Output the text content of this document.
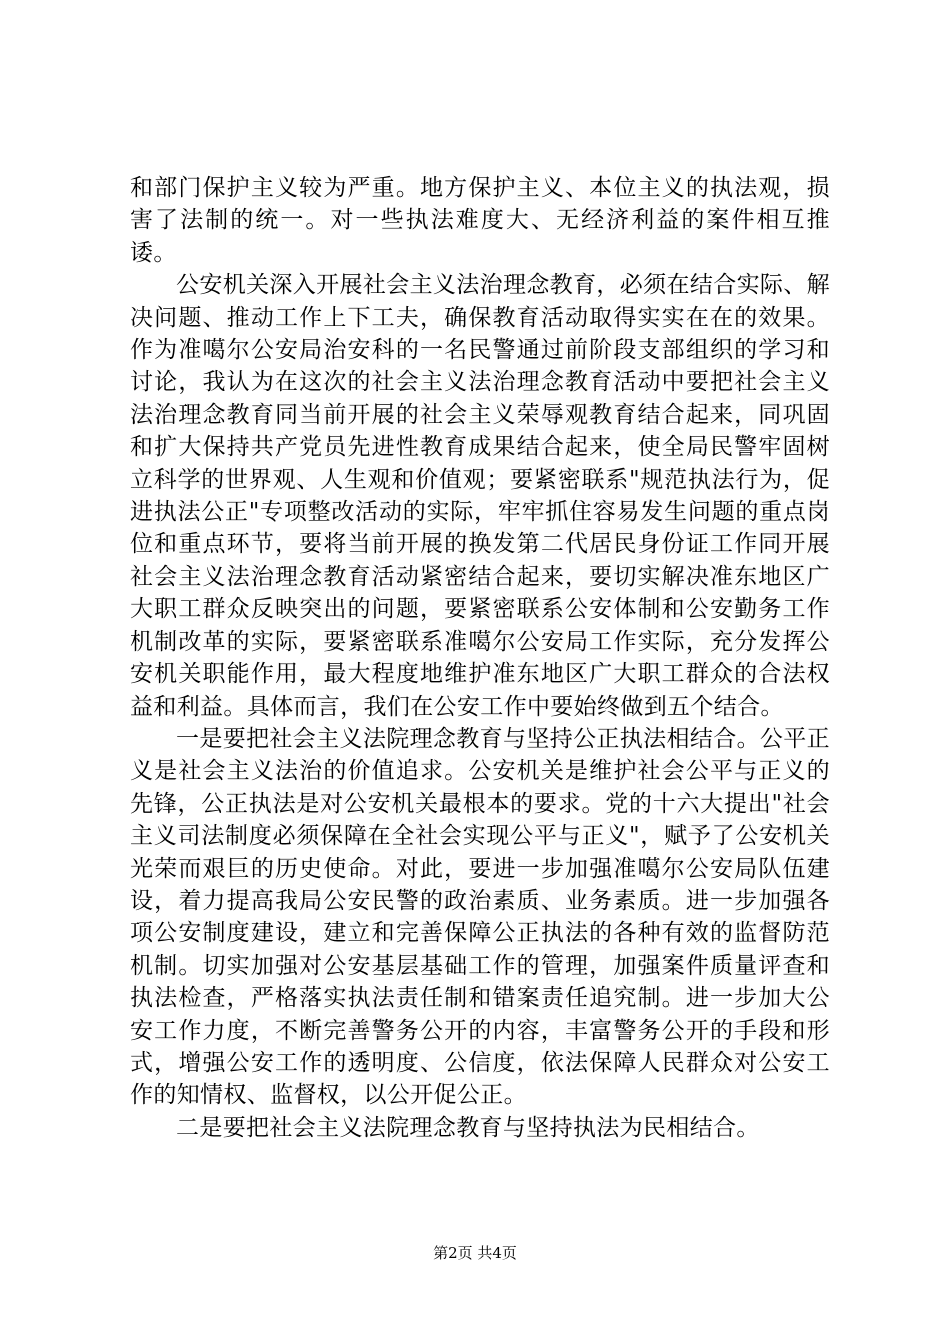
和部门保护主义较为严重。地方保护主义、本位主义的执法观，损害了法制的统一。对一些执法难度大、无经济利益的案件相互推诿。

公安机关深入开展社会主义法治理念教育，必须在结合实际、解决问题、推动工作上下工夫，确保教育活动取得实实在在的效果。作为准噶尔公安局治安科的一名民警通过前阶段支部组织的学习和讨论，我认为在这次的社会主义法治理念教育活动中要把社会主义法治理念教育同当前开展的社会主义荣辱观教育结合起来，同巩固和扩大保持共产党员先进性教育成果结合起来，使全局民警牢固树立科学的世界观、人生观和价值观；要紧密联系"规范执法行为，促进执法公正"专项整改活动的实际，牢牢抓住容易发生问题的重点岗位和重点环节，要将当前开展的换发第二代居民身份证工作同开展社会主义法治理念教育活动紧密结合起来，要切实解决准东地区广大职工群众反映突出的问题，要紧密联系公安体制和公安勤务工作机制改革的实际，要紧密联系准噶尔公安局工作实际，充分发挥公安机关职能作用，最大程度地维护准东地区广大职工群众的合法权益和利益。具体而言，我们在公安工作中要始终做到五个结合。

一是要把社会主义法院理念教育与坚持公正执法相结合。公平正义是社会主义法治的价值追求。公安机关是维护社会公平与正义的先锋，公正执法是对公安机关最根本的要求。党的十六大提出"社会主义司法制度必须保障在全社会实现公平与正义"，赋予了公安机关光荣而艰巨的历史使命。对此，要进一步加强准噶尔公安局队伍建设，着力提高我局公安民警的政治素质、业务素质。进一步加强各项公安制度建设，建立和完善保障公正执法的各种有效的监督防范机制。切实加强对公安基层基础工作的管理，加强案件质量评查和执法检查，严格落实执法责任制和错案责任追究制。进一步加大公安工作力度，不断完善警务公开的内容，丰富警务公开的手段和形式，增强公安工作的透明度、公信度，依法保障人民群众对公安工作的知情权、监督权，以公开促公正。

二是要把社会主义法院理念教育与坚持执法为民相结合。

第2页 共4页
